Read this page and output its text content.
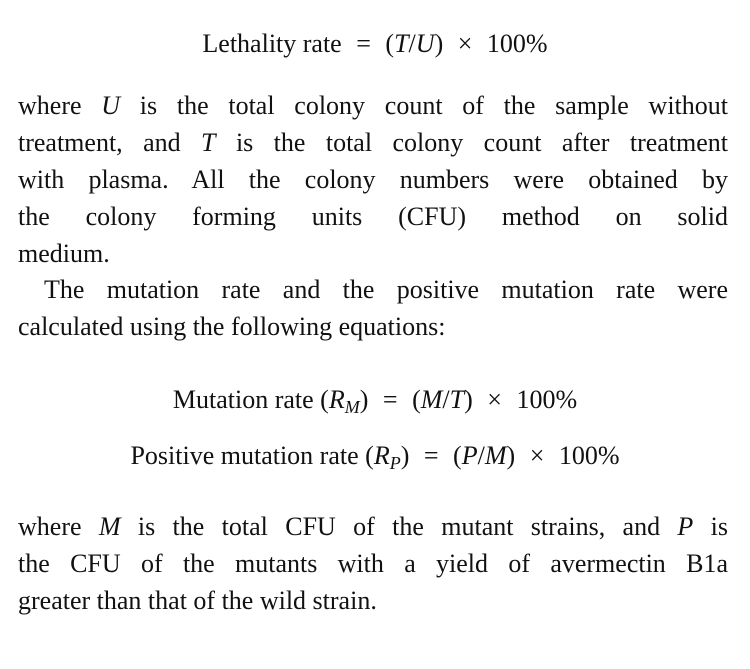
Lethality rate = (T/U) × 100%
where U is the total colony count of the sample without
treatment, and T is the total colony count after treatment
with plasma. All the colony numbers were obtained by
the colony forming units (CFU) method on solid
medium.
The mutation rate and the positive mutation rate were
calculated using the following equations:
Mutation rate $(R_M) = (M/T) \times 100\%$
Positive mutation rate $(R_P) = (P/M) \times 100\%$
where M is the total CFU of the mutant strains, and P is
the CFU of the mutants with a yield of avermectin B1a
greater than that of the wild strain.
